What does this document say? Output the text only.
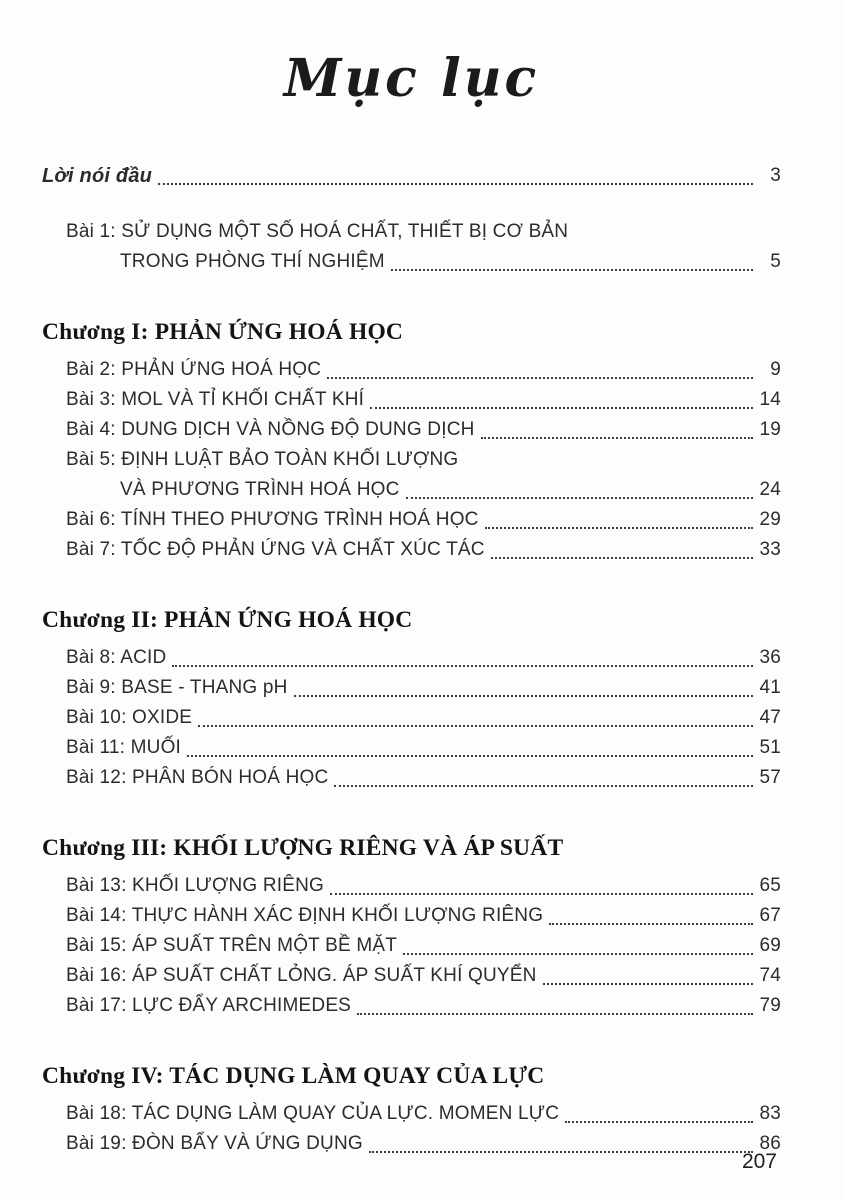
Mục lục
Lời nói đầu	3
Bài 1: SỬ DỤNG MỘT SỐ HOÁ CHẤT, THIẾT BỊ CƠ BẢN
TRONG PHÒNG THÍ NGHIỆM	5
Chương I: PHẢN ỨNG HOÁ HỌC
Bài 2: PHẢN ỨNG HOÁ HỌC	9
Bài 3: MOL VÀ TỈ KHỐI CHẤT KHÍ	14
Bài 4: DUNG DỊCH VÀ NỒNG ĐỘ DUNG DỊCH	19
Bài 5: ĐỊNH LUẬT BẢO TOÀN KHỐI LƯỢNG
VÀ PHƯƠNG TRÌNH HOÁ HỌC	24
Bài 6: TÍNH THEO PHƯƠNG TRÌNH HOÁ HỌC	29
Bài 7: TỐC ĐỘ PHẢN ỨNG VÀ CHẤT XÚC TÁC	33
Chương II: PHẢN ỨNG HOÁ HỌC
Bài 8: ACID	36
Bài 9: BASE - THANG pH	41
Bài 10: OXIDE	47
Bài 11: MUỐI	51
Bài 12: PHÂN BÓN HOÁ HỌC	57
Chương III: KHỐI LƯỢNG RIÊNG VÀ ÁP SUẤT
Bài 13: KHỐI LƯỢNG RIÊNG	65
Bài 14: THỰC HÀNH XÁC ĐỊNH KHỐI LƯỢNG RIÊNG	67
Bài 15: ÁP SUẤT TRÊN MỘT BỀ MẶT	69
Bài 16: ÁP SUẤT CHẤT LỎNG. ÁP SUẤT KHÍ QUYỂN	74
Bài 17: LỰC ĐẨY ARCHIMEDES	79
Chương IV: TÁC DỤNG LÀM QUAY CỦA LỰC
Bài 18: TÁC DỤNG LÀM QUAY CỦA LỰC. MOMEN LỰC	83
Bài 19: ĐÒN BẨY VÀ ỨNG DỤNG	86
207
